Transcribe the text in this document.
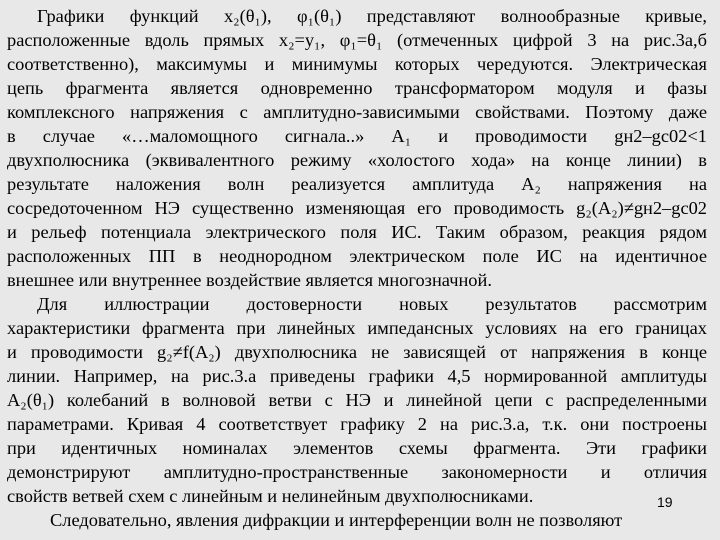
Графики функций x₂(θ₁), φ₁(θ₁) представляют волнообразные кривые,
расположенные вдоль прямых x₂=y₁, φ₁=θ₁ (отмеченных цифрой 3 на рис.3а,б
соответственно), максимумы и минимумы которых чередуются. Электрическая
цепь фрагмента является одновременно трансформатором модуля и фазы
комплексного напряжения с амплитудно-зависимыми свойствами. Поэтому даже
в случае «…маломощного сигнала..» A₁ и проводимости gн2–gс02<1
двухполюсника (эквивалентного режиму «холостого хода» на конце линии) в
результате наложения волн реализуется амплитуда A₂ напряжения на
сосредоточенном НЭ существенно изменяющая его проводимость g₂(A₂)≠gн2–gс02
и рельеф потенциала электрического поля ИС. Таким образом, реакция рядом
расположенных ПП в неоднородном электрическом поле ИС на идентичное
внешнее или внутреннее воздействие является многозначной.
Для иллюстрации достоверности новых результатов рассмотрим
характеристики фрагмента при линейных импедансных условиях на его границах
и проводимости g₂≠f(A₂) двухполюсника не зависящей от напряжения в конце
линии. Например, на рис.3.а приведены графики 4,5 нормированной амплитуды
A₂(θ₁) колебаний в волновой ветви с НЭ и линейной цепи с распределенными
параметрами. Кривая 4 соответствует графику 2 на рис.3.а, т.к. они построены
при идентичных номиналах элементов схемы фрагмента. Эти графики
демонстрируют амплитудно-пространственные закономерности и отличия
свойств ветвей схем с линейным и нелинейным двухполюсниками.
Следовательно, явления дифракции и интерференции волн не позволяют
19
